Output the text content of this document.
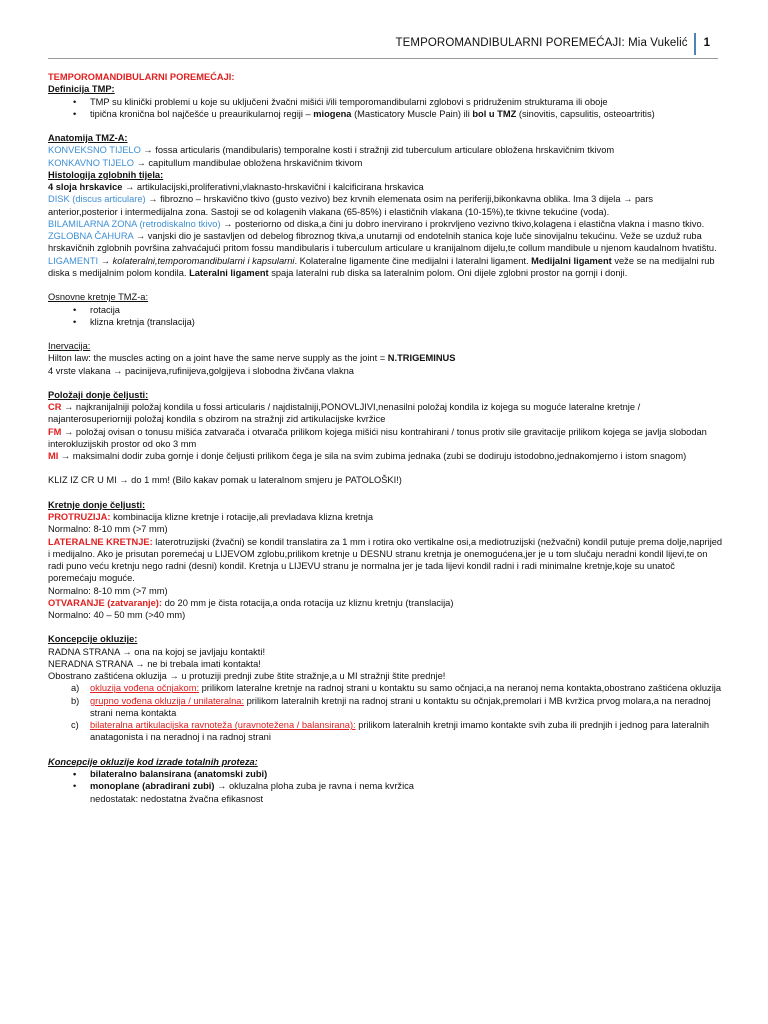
TEMPOROMANDIBULARNI POREMEĆAJI: Mia Vukelić 1

TEMPOROMANDIBULARNI POREMEĆAJI:

Definicija TMP:

• TMP su klinički problemi u koje su uključeni žvačni mišići i/ili temporomandibularni zglobovi s pridruženim strukturama ili oboje

• tipična kronična bol najčešće u preaurikularnoj regiji – miogena (Masticatory Muscle Pain) ili bol u TMZ (sinovitis, capsulitis, osteoartritis)

Anatomija TMZ-A:

KONVEKSNO TIJELO → fossa articularis (mandibularis) temporalne kosti i stražnji zid tuberculum articulare obložena hrskavičnim tkivom

KONKAVNO TIJELO → capitullum mandibulae obložena hrskavičnim tkivom

Histologija zglobnih tijela:

4 sloja hrskavice → artikulacijski,proliferativni,vlaknasto-hrskavični i kalcificirana hrskavica

DISK (discus articulare) → fibrozno – hrskavično tkivo (gusto vezivo) bez krvnih elemenata osim na periferiji,bikonkavna oblika. Ima 3 dijela → pars anterior,posterior i intermedijalna zona. Sastoji se od kolagenih vlakana (65-85%) i elastičnih vlakana (10-15%),te tkivne tekućine (voda).

BILAMILARNA ZONA (retrodiskalno tkivo) → posteriorno od diska,a čini ju dobro inervirano i prokrvljeno vezivno tkivo,kolagena i elastična vlakna i masno tkivo.

ZGLOBNA ČAHURA → vanjski dio je sastavljen od debelog fibroznog tkiva,a unutarnji od endotelnih stanica koje luče sinovijalnu tekućinu. Veže se uzduž ruba hrskavičnih zglobnih površina zahvaćajući pritom fossu mandibularis i tuberculum articulare u kranijalnom dijelu,te collum mandibule u njenom kaudalnom hvatištu.

LIGAMENTI → kolateralni,temporomandibularni i kapsularni. Kolateralne ligamente čine medijalni i lateralni ligament. Medijalni ligament veže se na medijalni rub diska s medijalnim polom kondila. Lateralni ligament spaja lateralni rub diska sa lateralnim polom. Oni dijele zglobni prostor na gornji i donji.

Osnovne kretnje TMZ-a:

• rotacija

• klizna kretnja (translacija)

Inervacija:

Hilton law: the muscles acting on a joint have the same nerve supply as the joint = N.TRIGEMINUS

4 vrste vlakana → pacinijeva,rufinijeva,golgijeva i slobodna živčana vlakna

Položaji donje čeljusti:

CR → najkranijalniji položaj kondila u fossi articularis / najdistalniji,PONOVLJIVI,nenasilni položaj kondila iz kojega su moguće lateralne kretnje / najanterosuperiorniji položaj kondila s obzirom na stražnji zid artikulacijske kvržice

FM → položaj ovisan o tonusu mišića zatvarača i otvarača prilikom kojega mišići nisu kontrahirani / tonus protiv sile gravitacije prilikom kojega se javlja slobodan interokluzijskih prostor od oko 3 mm

MI → maksimalni dodir zuba gornje i donje čeljusti prilikom čega je sila na svim zubima jednaka (zubi se dodiruju istodobno,jednakomjerno i istom snagom)

KLIZ IZ CR U MI → do 1 mm! (Bilo kakav pomak u lateralnom smjeru je PATOLOŠKI!)

Kretnje donje čeljusti:

PROTRUZIJA: kombinacija klizne kretnje i rotacije,ali prevladava klizna kretnja

Normalno: 8-10 mm (>7 mm)

LATERALNE KRETNJE: laterotruzijski (žvačni) se kondil translatira za 1 mm i rotira oko vertikalne osi,a mediotruzijski (nežvačni) kondil putuje prema dolje,naprijed i medijalno. Ako je prisutan poremećaj u LIJEVOM zglobu,prilikom kretnje u DESNU stranu kretnja je onemogućena,jer je u tom slučaju neradni kondil lijevi,te on radi puno veću kretnju nego radni (desni) kondil. Kretnja u LIJEVU stranu je normalna jer je tada lijevi kondil radni i radi minimalne kretnje,koje su unatoč poremećaju moguće.

Normalno: 8-10 mm (>7 mm)

OTVARANJE (zatvaranje): do 20 mm je čista rotacija,a onda rotacija uz kliznu kretnju (translacija)

Normalno: 40 – 50 mm (>40 mm)

Koncepcije okluzije:

RADNA STRANA → ona na kojoj se javljaju kontakti!

NERADNA STRANA → ne bi trebala imati kontakta!

Obostrano zaštićena okluzija → u protuziji prednji zube štite stražnje,a u MI stražnji štite prednje!

a) okluzija vođena očnjakom: prilikom lateralne kretnje na radnoj strani u kontaktu su samo očnjaci,a na neranoj nema kontakta,obostrano zaštićena okluzija

b) grupno vođena okluzija / unilateralna: prilikom lateralnih kretnji na radnoj strani u kontaktu su očnjak,premolari i MB kvržica prvog molara,a na neradnoj strani nema kontakta

c) bilateralna artikulacijska ravnoteža (uravnotežena / balansirana): prilikom lateralnih kretnji imamo kontakte svih zuba ili prednjih i jednog para lateralnih anatagonista i na neradnoj i na radnoj strani

Koncepcije okluzije kod izrade totalnih proteza:

• bilateralno balansirana (anatomski zubi)

• monoplane (abradirani zubi) → okluzalna ploha zuba je ravna i nema kvržica

nedostatak: nedostatna žvačna efikasnost
